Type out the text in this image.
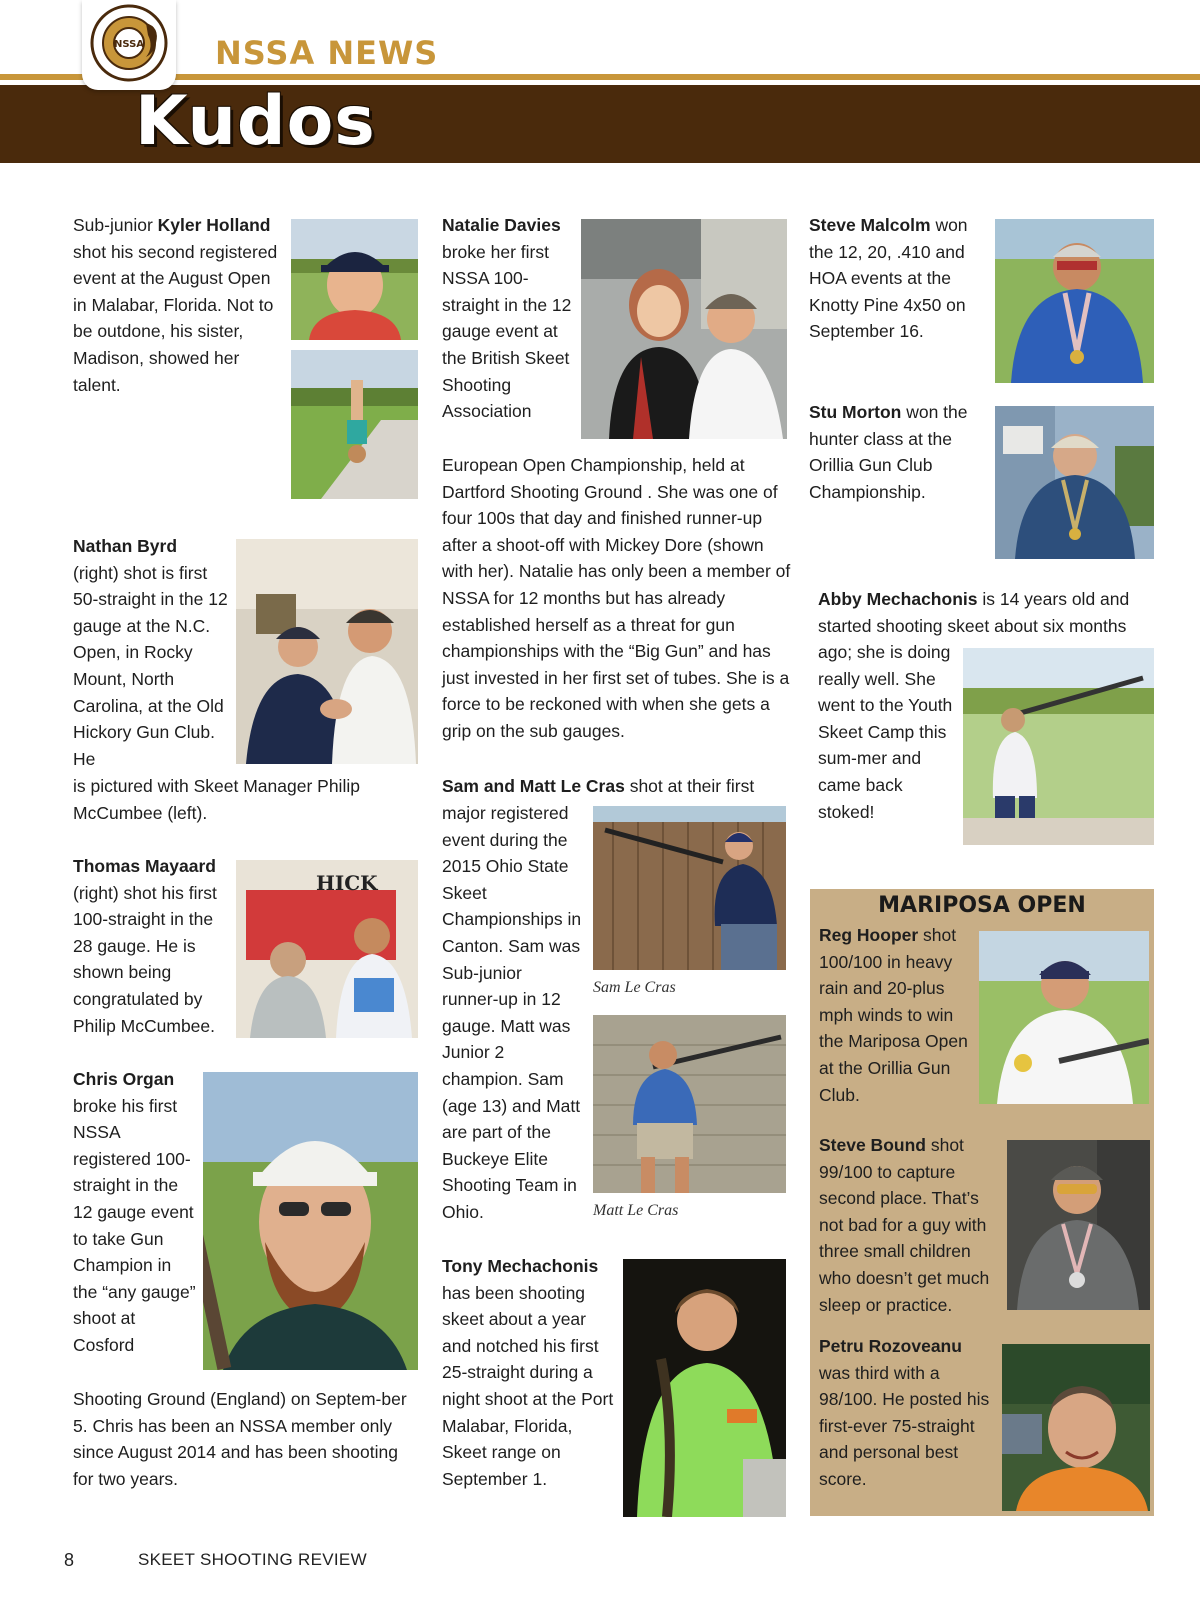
NSSA NSSA NEWS
Kudos
Sub-junior Kyler Holland shot his second registered event at the August Open in Malabar, Florida. Not to be outdone, his sister, Madison, showed her talent.
Nathan Byrd
(right) shot is first 50-straight in the 12 gauge at the N.C. Open, in Rocky Mount, North Carolina, at the Old Hickory Gun Club. He
is pictured with Skeet Manager Philip McCumbee (left).
Thomas Mayaard
(right) shot his first 100-straight in the 28 gauge. He is shown being congratulated by Philip McCumbee.
HICK
Chris Organ
broke his first NSSA registered 100-straight in the 12 gauge event to take Gun Champion in the “any gauge” shoot at Cosford
Shooting Ground (England) on Septem-ber 5. Chris has been an NSSA member only since August 2014 and has been shooting for two years.
Natalie Davies
broke her first NSSA 100-straight in the 12 gauge event at the British Skeet Shooting Association
European Open Championship, held at Dartford Shooting Ground . She was one of four 100s that day and finished runner-up after a shoot-off with Mickey Dore (shown with her). Natalie has only been a member of NSSA for 12 months but has already established herself as a threat for gun championships with the “Big Gun” and has just invested in her first set of tubes. She is a force to be reckoned with when she gets a grip on the sub gauges.
Sam and Matt Le Cras shot at their first
major registered event during the 2015 Ohio State Skeet Championships in Canton. Sam was Sub-junior runner-up in 12 gauge. Matt was Junior 2 champion. Sam (age 13) and Matt are part of the Buckeye Elite Shooting Team in Ohio.
Sam Le Cras
Matt Le Cras
Tony Mechachonis
has been shooting skeet about a year and notched his first 25-straight during a night shoot at the Port Malabar, Florida, Skeet range on September 1.
Steve Malcolm won the 12, 20, .410 and HOA events at the Knotty Pine 4x50 on September 16.
Stu Morton won the hunter class at the Orillia Gun Club Championship.
Abby Mechachonis is 14 years old and started shooting skeet about six months
ago; she is doing really well. She went to the Youth Skeet Camp this sum-mer and came back stoked!
MARIPOSA OPEN
Reg Hooper shot 100/100 in heavy rain and 20-plus mph winds to win the Mariposa Open at the Orillia Gun Club.
Steve Bound shot 99/100 to capture second place. That’s not bad for a guy with three small children who doesn’t get much sleep or practice.
Petru Rozoveanu
was third with a 98/100. He posted his first-ever 75-straight and personal best score.
8	SKEET SHOOTING REVIEW
